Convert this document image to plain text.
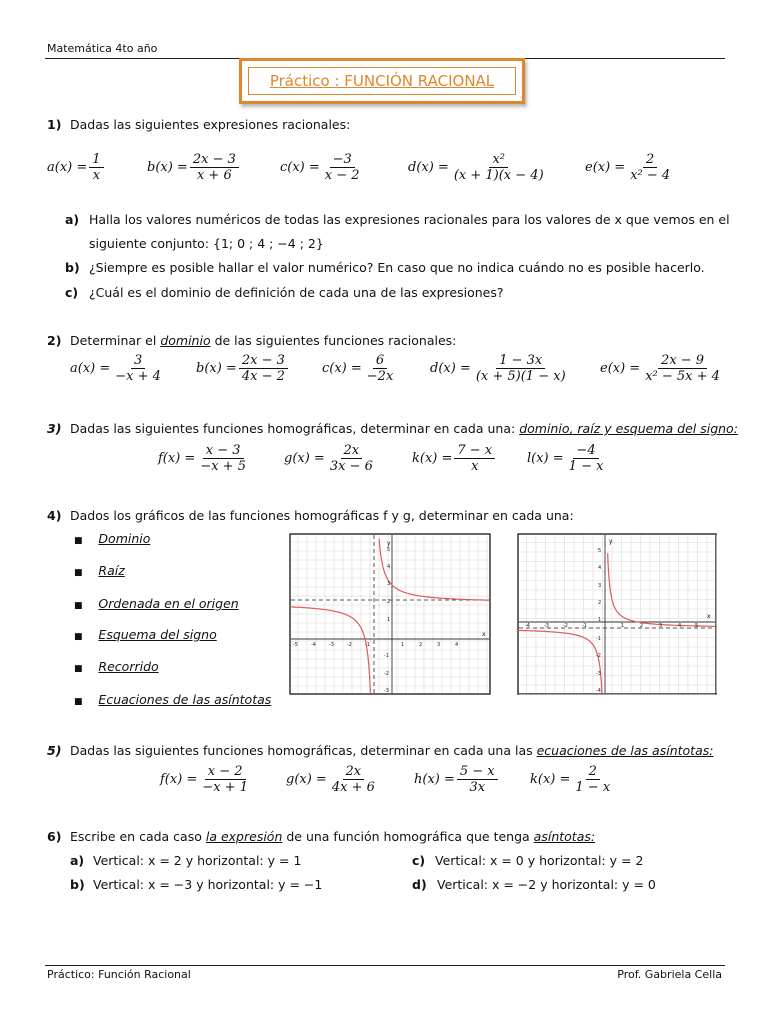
Matemática 4to año
Práctico : FUNCIÓN RACIONAL
1) Dadas las siguientes expresiones racionales:
$a(x) = \frac{1}{x}$	$b(x) = \frac{2x - 3}{x + 6}$	$c(x) = \frac{-3}{x - 2}$	$d(x) = \frac{\text{x²}}{(x + 1)(x - 4)}$	$e(x) = \frac{2}{\text{x² − 4}}$
a) Halla los valores numéricos de todas las expresiones racionales para los valores de x que vemos en el
siguiente conjunto: {1; 0 ; 4 ; −4 ; 2}
b) ¿Siempre es posible hallar el valor numérico? En caso que no indica cuándo no es posible hacerlo.
c) ¿Cuál es el dominio de definición de cada una de las expresiones?
2) Determinar el dominio de las siguientes funciones racionales:
$a(x) = \frac{3}{-x + 4} b(x) = \frac{2x - 3}{4x - 2}$	$c(x) = \frac{6}{-2x}$	$d(x) = \frac{1 - 3x}{(x + 5)(1 - x)} e(x) = \frac{2x - 9}{\text{x² − 5x + 4}}$
3) Dadas las siguientes funciones homográficas, determinar en cada una: dominio, raíz y esquema del signo:
$f(x) = \frac{x - 3}{-x + 5}$	$g(x) = \frac{2x}{3x - 6}$	$k(x) = \frac{7 - x}{x} l(x) = \frac{-4}{1 - x}$
4) Dados los gráficos de las funciones homográficas f y g, determinar en cada una:
■ Dominio
■ Raíz
■ Ordenada en el origen
■ Esquema del signo
■ Recorrido
■ Ecuaciones de las asíntotas
y
x
-5	-4	-3	-2	-1	1	2	3	4
5
4
3
2
1
-1
-2
-3
y
x
-4	-3	-2	-1	1	2	3	4	5
5
4
3
2
1
-1
-2
-3
-4
5) Dadas las siguientes funciones homográficas, determinar en cada una las ecuaciones de las asíntotas:
$f(x) = \frac{x - 2}{-x + 1}$	$g(x) = \frac{2x}{4x + 6}$	$h(x) = \frac{5 - x}{3x} k(x) = \frac{2}{1 - x}$
6) Escribe en cada caso la expresión de una función homográfica que tenga asíntotas:
a) Vertical: x = 2 y horizontal: y = 1
b) Vertical: x = −3 y horizontal: y = −1
c) Vertical: x = 0 y horizontal: y = 2
d) Vertical: x = −2 y horizontal: y = 0
Práctico: Función Racional	Prof. Gabriela Cella
